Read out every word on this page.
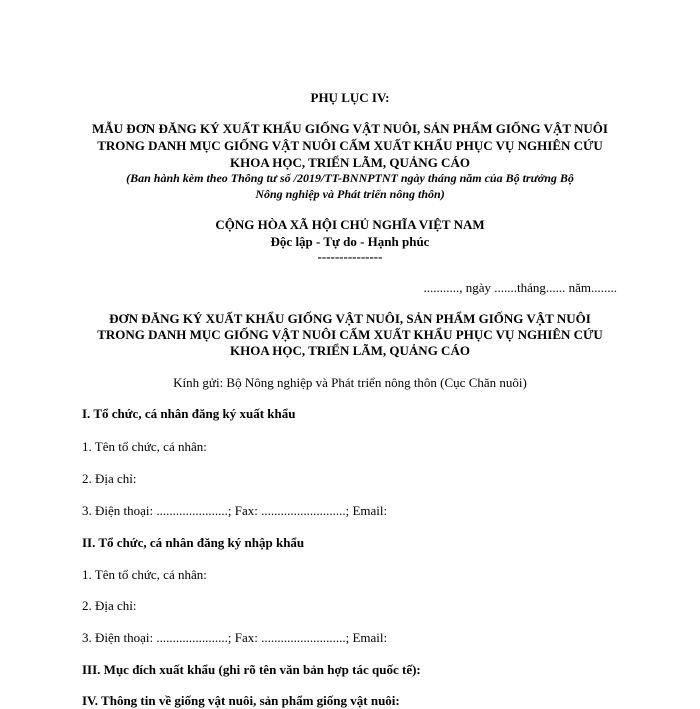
PHỤ LỤC IV:
MẪU ĐƠN ĐĂNG KÝ XUẤT KHẨU GIỐNG VẬT NUÔI, SẢN PHẨM GIỐNG VẬT NUÔI
TRONG DANH MỤC GIỐNG VẬT NUÔI CẤM XUẤT KHẨU PHỤC VỤ NGHIÊN CỨU
KHOA HỌC, TRIỂN LÃM, QUẢNG CÁO
(Ban hành kèm theo Thông tư số /2019/TT-BNNPTNT ngày tháng năm của Bộ trưởng Bộ
Nông nghiệp và Phát triển nông thôn)
CỘNG HÒA XÃ HỘI CHỦ NGHĨA VIỆT NAM
Độc lập - Tự do - Hạnh phúc
---------------
..........., ngày .......tháng...... năm........
ĐƠN ĐĂNG KÝ XUẤT KHẨU GIỐNG VẬT NUÔI, SẢN PHẨM GIỐNG VẬT NUÔI
TRONG DANH MỤC GIỐNG VẬT NUÔI CẤM XUẤT KHẨU PHỤC VỤ NGHIÊN CỨU
KHOA HỌC, TRIỂN LÃM, QUẢNG CÁO
Kính gửi: Bộ Nông nghiệp và Phát triển nông thôn (Cục Chăn nuôi)
I. Tổ chức, cá nhân đăng ký xuất khẩu
1. Tên tổ chức, cá nhân:
2. Địa chỉ:
3. Điện thoại: ......................; Fax: ..........................; Email:
II. Tổ chức, cá nhân đăng ký nhập khẩu
1. Tên tổ chức, cá nhân:
2. Địa chỉ:
3. Điện thoại: ......................; Fax: ..........................; Email:
III. Mục đích xuất khẩu (ghi rõ tên văn bản hợp tác quốc tế):
IV. Thông tin về giống vật nuôi, sản phẩm giống vật nuôi:
